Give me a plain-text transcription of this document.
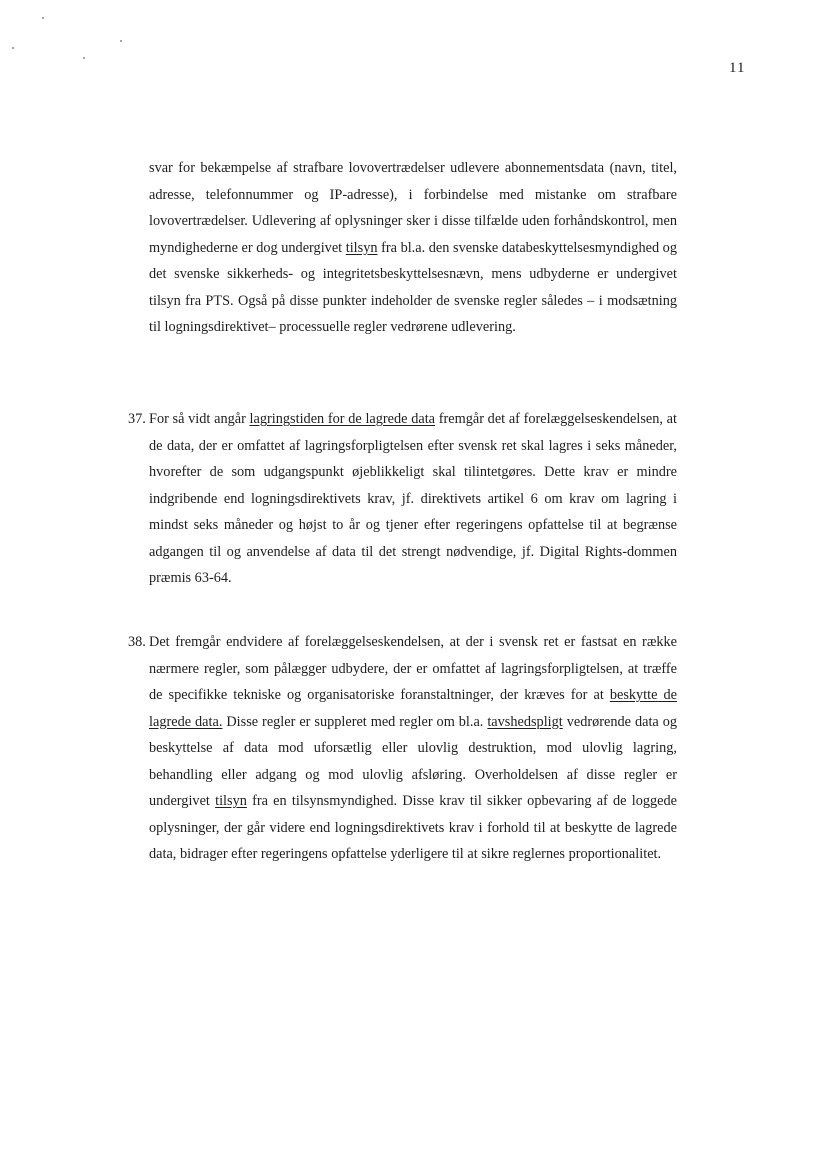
11

svar for bekæmpelse af strafbare lovovertrædelser udlevere abonnementsdata (navn, titel, adresse, telefonnummer og IP-adresse), i forbindelse med mistanke om strafbare lovovertrædelser. Udlevering af oplysninger sker i disse tilfælde uden forhåndskontrol, men myndighederne er dog undergivet tilsyn fra bl.a. den svenske databeskyttelsesmyndighed og det svenske sikkerheds- og integritetsbeskyttelsesnævn, mens udbyderne er undergivet tilsyn fra PTS. Også på disse punkter indeholder de svenske regler således – i modsætning til logningsdirektivet– processuelle regler vedrørene udlevering.

37. For så vidt angår lagringstiden for de lagrede data fremgår det af forelæggelseskendelsen, at de data, der er omfattet af lagringsforpligtelsen efter svensk ret skal lagres i seks måneder, hvorefter de som udgangspunkt øjeblikkeligt skal tilintetgøres. Dette krav er mindre indgribende end logningsdirektivets krav, jf. direktivets artikel 6 om krav om lagring i mindst seks måneder og højst to år og tjener efter regeringens opfattelse til at begrænse adgangen til og anvendelse af data til det strengt nødvendige, jf. Digital Rights-dommen præmis 63-64.

38. Det fremgår endvidere af forelæggelseskendelsen, at der i svensk ret er fastsat en række nærmere regler, som pålægger udbydere, der er omfattet af lagringsforpligtelsen, at træffe de specifikke tekniske og organisatoriske foranstaltninger, der kræves for at beskytte de lagrede data. Disse regler er suppleret med regler om bl.a. tavshedspligt vedrørende data og beskyttelse af data mod uforsætlig eller ulovlig destruktion, mod ulovlig lagring, behandling eller adgang og mod ulovlig afsløring. Overholdelsen af disse regler er undergivet tilsyn fra en tilsynsmyndighed. Disse krav til sikker opbevaring af de loggede oplysninger, der går videre end logningsdirektivets krav i forhold til at beskytte de lagrede data, bidrager efter regeringens opfattelse yderligere til at sikre reglernes proportionalitet.
